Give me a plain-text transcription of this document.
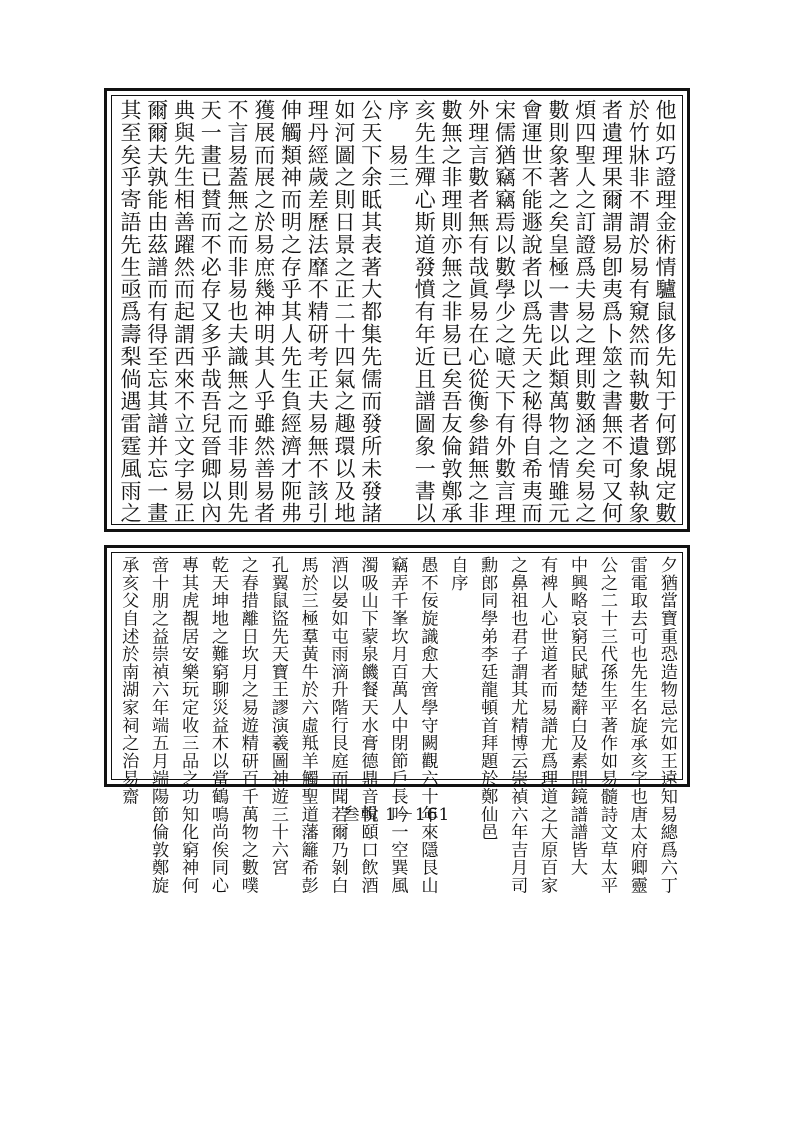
他如巧證理金術情驢鼠侈先知于何鄧覘定數
於竹牀非不謂於易有窺然而執數者遺象執象
者遺理果爾謂易卽夷爲卜筮之書無不可又何
煩四聖人之訂證爲夫易之理則數涵之矣易之
數則象著之矣皇極一書以此類萬物之情雖元
會運世不能遯說者以爲先天之秘得自希夷而
宋儒猶竊竊焉以數學少之噫天下有外數言理
外理言數者無有哉眞易在心從衡參錯無之非
數無之非理則亦無之非易已矣吾友倫敦鄭承
亥先生殫心斯道發憤有年近且譜圖象一書以
序　易三
公天下余眡其表著大都集先儒而發所未發諸
如河圖之則日景之正二十四氣之趣環以及地
理丹經歲差歷法靡不精研考正夫易無不該引
伸觸類神而明之存乎其人先生負經濟才阨弗
獲展而展之於易庶幾神明其人乎雖然善易者
不言易蓋無之而非易也夫識無之而非易則先
天一畫已賛而不必存又多乎哉吾兒晉卿以內
典與先生相善躍然而起謂西來不立文字易正
爾爾夫孰能由茲譜而有得至忘其譜并忘一畫
其至矣乎寄語先生亟爲壽梨倘遇雷霆風雨之
夕猶當寶重恐造物忌完如王遠知易總爲六丁
雷電取去可也先生名旋承亥字也唐太府卿靈
公之二十三代孫生平著作如易髓詩文草太平
中興略哀窮民賦楚辭白及素問鏡譜譜皆大
有裨人心世道者而易譜尤爲理道之大原百家
之鼻祖也君子謂其尤精博云崇禎六年吉月司
勳郎同學弟李廷龍頓首拜題於鄭仙邑
自序
愚不佞旋識愈大啻學守闕觀六十年來隱艮山
竊弄千峯坎月百萬人中閉節戶長吟一空巽風
濁吸山下蒙泉饑餐天水膏德鼎音悅頤口飲酒
酒以晏如屯雨滴升階行艮庭而聞若爾乃剝白
馬於三極羣黃牛於六虛羝羊觸聖道藩籬希彭
孔翼鼠盜先天寶王謬演羲圖神遊三十六宮
之春措離日坎月之易遊精研百千萬物之數噗
乾天坤地之難窮聊災益木以當鶴鳴尚俟同心
專其虎覩居安樂玩定收三品之功知化窮神何
啻十朋之益崇禎六年端五月端陽節倫敦鄭旋
承亥父自述於南湖家祠之治易齋
叁輯 1－161
